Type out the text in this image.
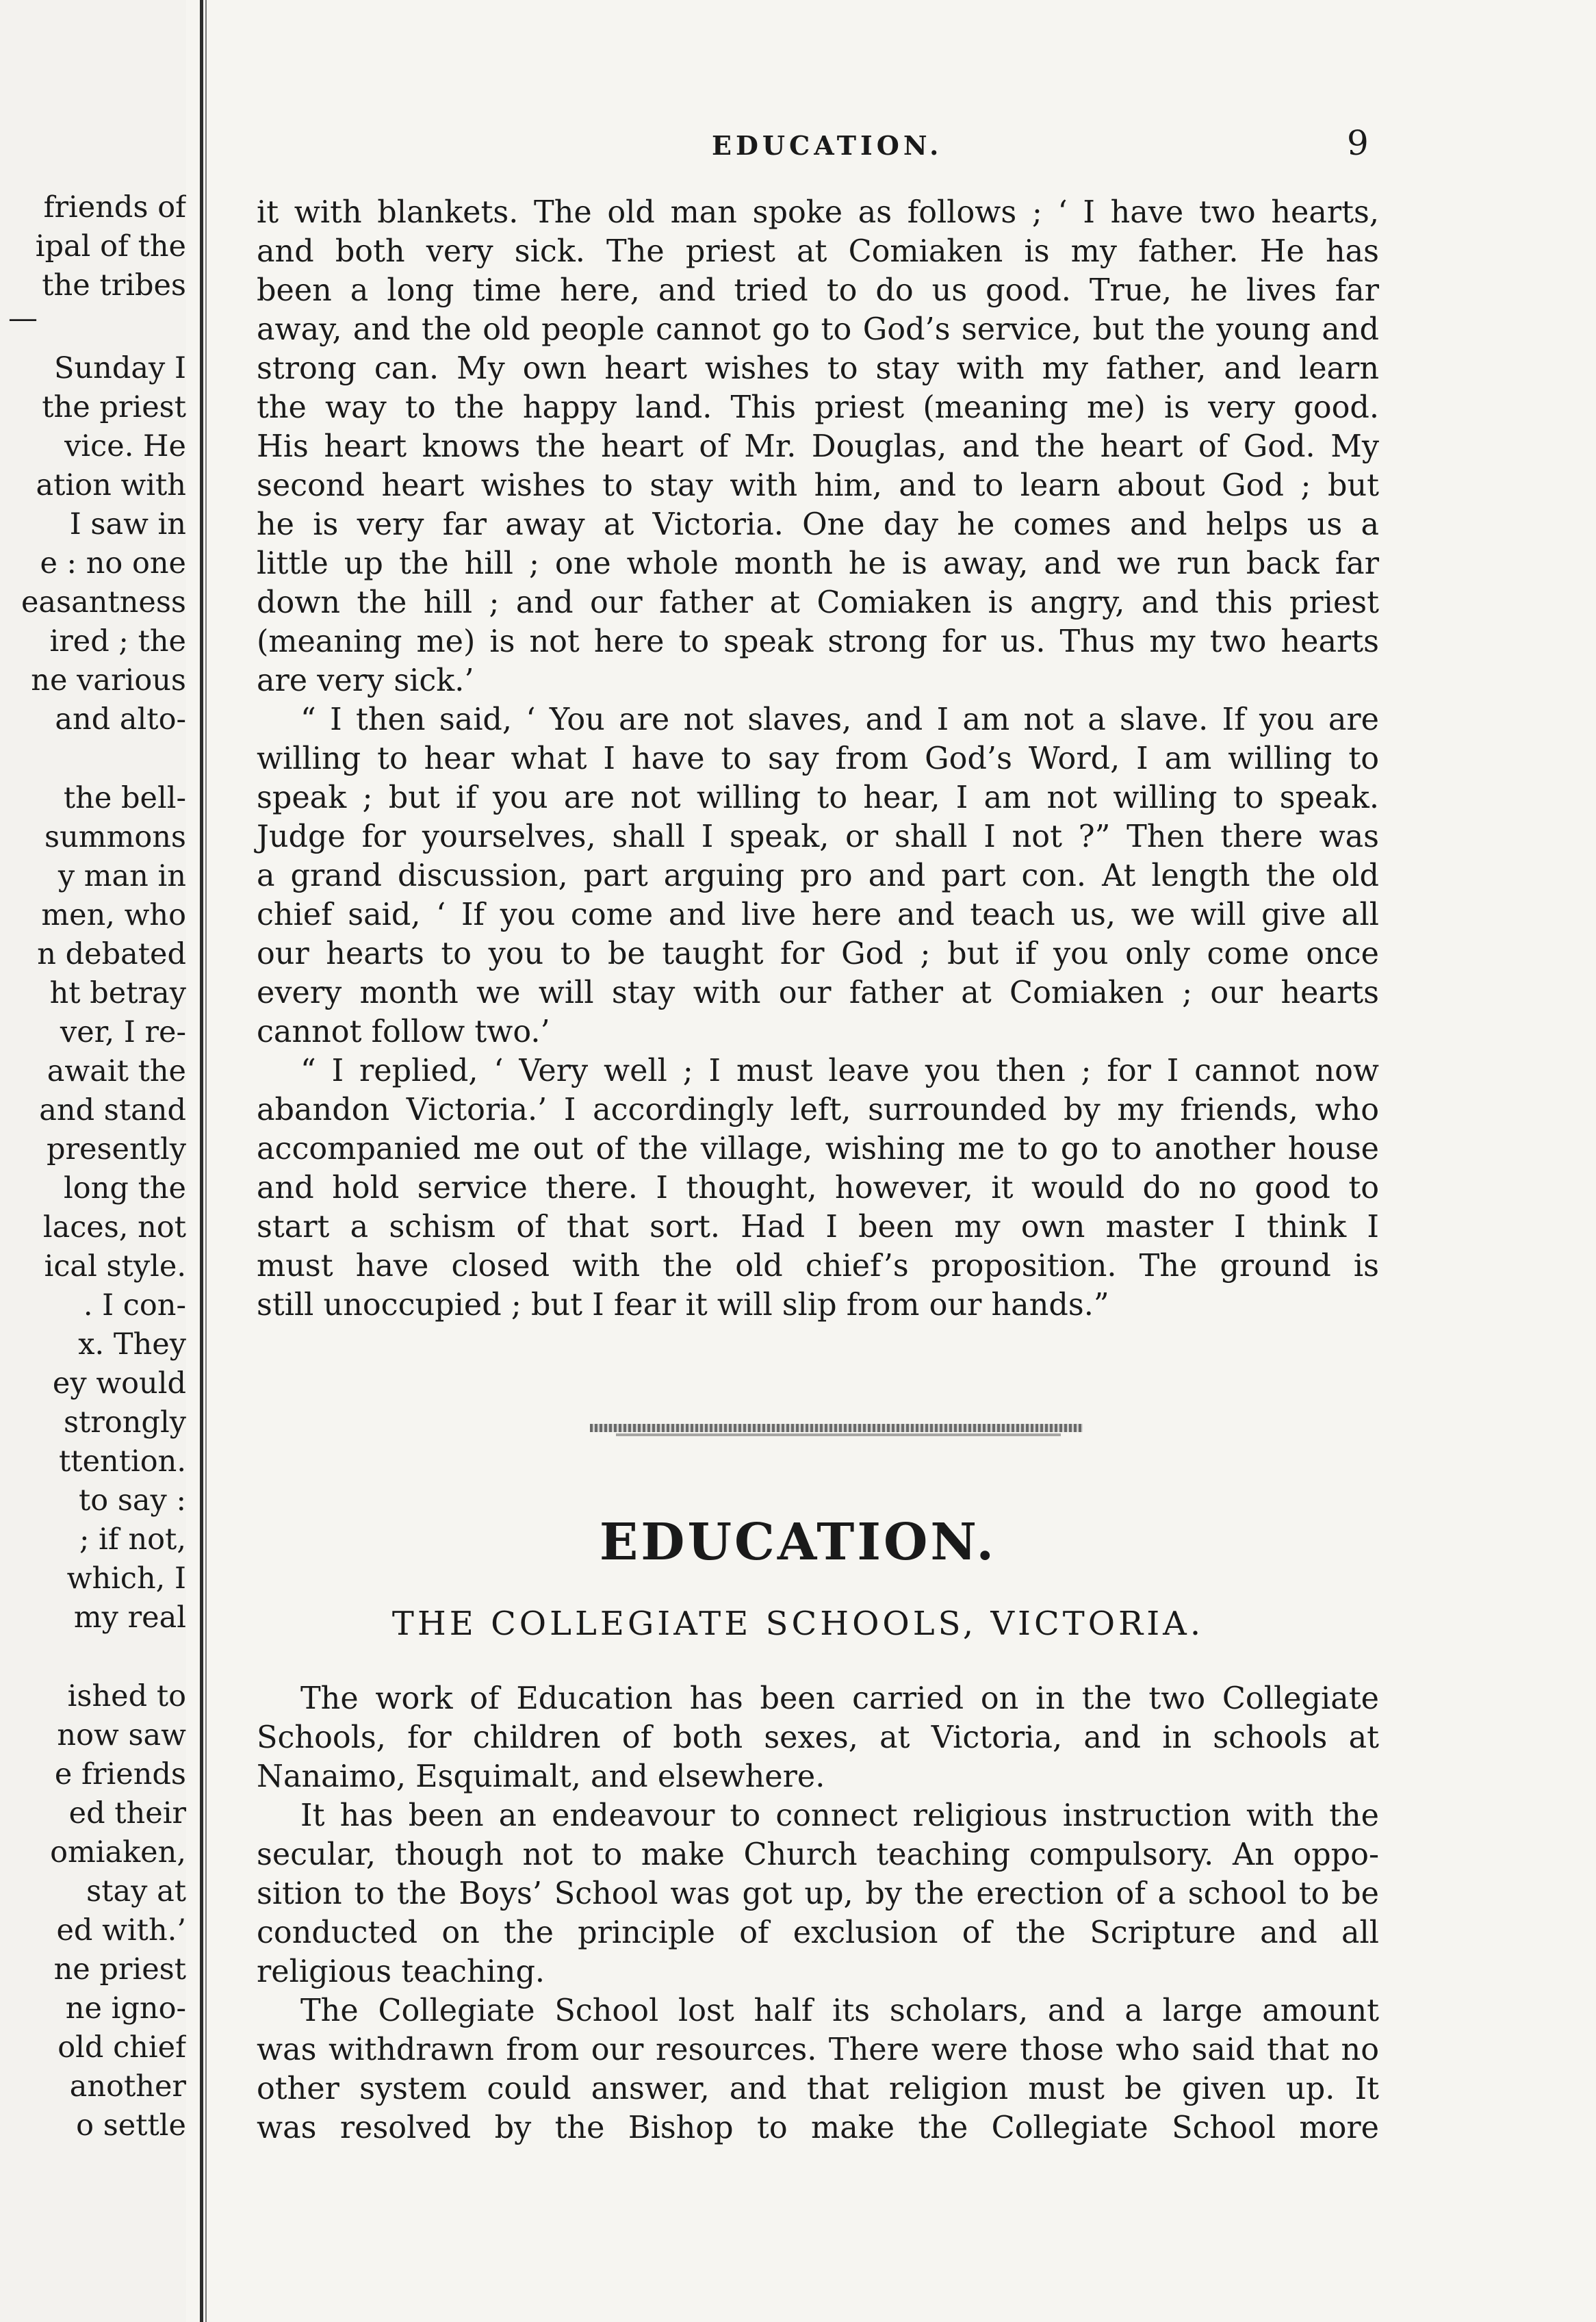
friends of
ipal of the
the tribes
Sunday I
the priest
vice. He
ation with
I saw in
e : no one
easantness
ired ; the
ne various
and alto-
the bell-
summons
y man in
men, who
n debated
ht betray
ver, I re-
await the
and stand
presently
long the
laces, not
ical style.
. I con-
x. They
ey would
strongly
ttention.
to say :
; if not,
which, I
my real
ished to
now saw
e friends
ed their
omiaken,
stay at
ed with.’
ne priest
ne igno-
old chief
another
o settle
—
EDUCATION.	9
it with blankets. The old man spoke as follows ; ‘ I have two hearts,
and both very sick. The priest at Comiaken is my father. He has
been a long time here, and tried to do us good. True, he lives far
away, and the old people cannot go to God’s service, but the young and
strong can. My own heart wishes to stay with my father, and learn
the way to the happy land. This priest (meaning me) is very good.
His heart knows the heart of Mr. Douglas, and the heart of God. My
second heart wishes to stay with him, and to learn about God ; but
he is very far away at Victoria. One day he comes and helps us a
little up the hill ; one whole month he is away, and we run back far
down the hill ; and our father at Comiaken is angry, and this priest
(meaning me) is not here to speak strong for us. Thus my two hearts
are very sick.’
“ I then said, ‘ You are not slaves, and I am not a slave. If you are
willing to hear what I have to say from God’s Word, I am willing to
speak ; but if you are not willing to hear, I am not willing to speak.
Judge for yourselves, shall I speak, or shall I not ?” Then there was
a grand discussion, part arguing pro and part con. At length the old
chief said, ‘ If you come and live here and teach us, we will give all
our hearts to you to be taught for God ; but if you only come once
every month we will stay with our father at Comiaken ; our hearts
cannot follow two.’
“ I replied, ‘ Very well ; I must leave you then ; for I cannot now
abandon Victoria.’ I accordingly left, surrounded by my friends, who
accompanied me out of the village, wishing me to go to another house
and hold service there. I thought, however, it would do no good to
start a schism of that sort. Had I been my own master I think I
must have closed with the old chief’s proposition. The ground is
still unoccupied ; but I fear it will slip from our hands.”
EDUCATION.
THE COLLEGIATE SCHOOLS, VICTORIA.
The work of Education has been carried on in the two Collegiate
Schools, for children of both sexes, at Victoria, and in schools at
Nanaimo, Esquimalt, and elsewhere.
It has been an endeavour to connect religious instruction with the
secular, though not to make Church teaching compulsory. An oppo-
sition to the Boys’ School was got up, by the erection of a school to be
conducted on the principle of exclusion of the Scripture and all
religious teaching.
The Collegiate School lost half its scholars, and a large amount
was withdrawn from our resources. There were those who said that no
other system could answer, and that religion must be given up. It
was resolved by the Bishop to make the Collegiate School more
